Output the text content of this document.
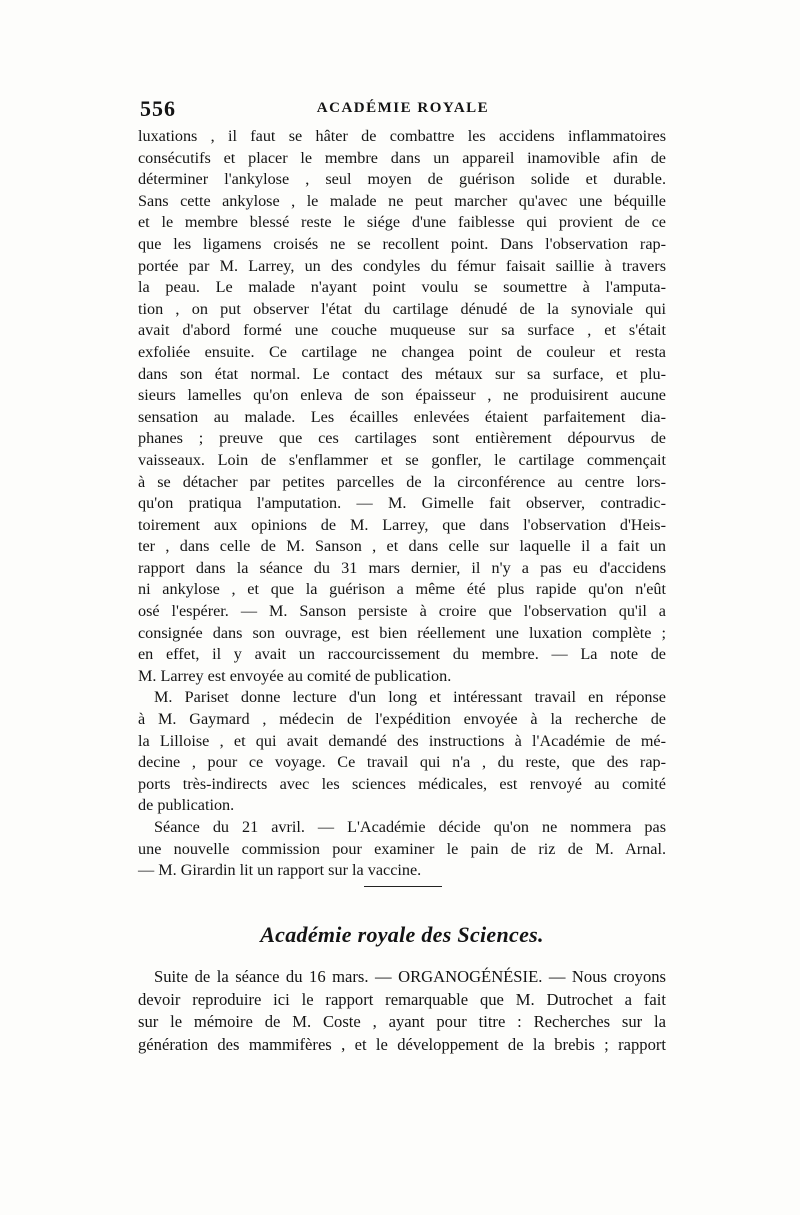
556	ACADÉMIE ROYALE
luxations , il faut se hâter de combattre les accidens inflammatoires
consécutifs et placer le membre dans un appareil inamovible afin de
déterminer l'ankylose , seul moyen de guérison solide et durable.
Sans cette ankylose , le malade ne peut marcher qu'avec une béquille
et le membre blessé reste le siége d'une faiblesse qui provient de ce
que les ligamens croisés ne se recollent point. Dans l'observation rap-
portée par M. Larrey, un des condyles du fémur faisait saillie à travers
la peau. Le malade n'ayant point voulu se soumettre à l'amputa-
tion , on put observer l'état du cartilage dénudé de la synoviale qui
avait d'abord formé une couche muqueuse sur sa surface , et s'était
exfoliée ensuite. Ce cartilage ne changea point de couleur et resta
dans son état normal. Le contact des métaux sur sa surface, et plu-
sieurs lamelles qu'on enleva de son épaisseur , ne produisirent aucune
sensation au malade. Les écailles enlevées étaient parfaitement dia-
phanes ; preuve que ces cartilages sont entièrement dépourvus de
vaisseaux. Loin de s'enflammer et se gonfler, le cartilage commençait
à se détacher par petites parcelles de la circonférence au centre lors-
qu'on pratiqua l'amputation. — M. Gimelle fait observer, contradic-
toirement aux opinions de M. Larrey, que dans l'observation d'Heis-
ter , dans celle de M. Sanson , et dans celle sur laquelle il a fait un
rapport dans la séance du 31 mars dernier, il n'y a pas eu d'accidens
ni ankylose , et que la guérison a même été plus rapide qu'on n'eût
osé l'espérer. — M. Sanson persiste à croire que l'observation qu'il a
consignée dans son ouvrage, est bien réellement une luxation complète ;
en effet, il y avait un raccourcissement du membre. — La note de
M. Larrey est envoyée au comité de publication.
M. Pariset donne lecture d'un long et intéressant travail en réponse
à M. Gaymard , médecin de l'expédition envoyée à la recherche de
la Lilloise , et qui avait demandé des instructions à l'Académie de mé-
decine , pour ce voyage. Ce travail qui n'a , du reste, que des rap-
ports très-indirects avec les sciences médicales, est renvoyé au comité
de publication.
Séance du 21 avril. — L'Académie décide qu'on ne nommera pas
une nouvelle commission pour examiner le pain de riz de M. Arnal.
— M. Girardin lit un rapport sur la vaccine.
Académie royale des Sciences.
Suite de la séance du 16 mars. — ORGANOGÉNÉSIE. — Nous croyons
devoir reproduire ici le rapport remarquable que M. Dutrochet a fait
sur le mémoire de M. Coste , ayant pour titre : Recherches sur la
génération des mammifères , et le développement de la brebis ; rapport
